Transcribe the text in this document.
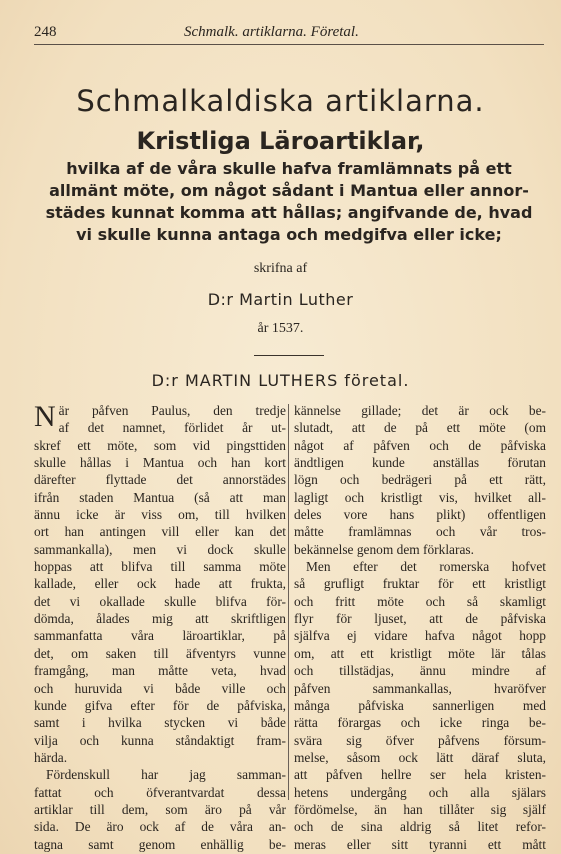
248	Schmalk. artiklarna. Företal.
Schmalkaldiska artiklarna.
Kristliga Läroartiklar,
hvilka af de våra skulle hafva framlämnats på ett
allmänt möte, om något sådant i Mantua eller annor-
städes kunnat komma att hållas; angifvande de, hvad
vi skulle kunna antaga och medgifva eller icke;
skrifna af
D:r Martin Luther
år 1537.
D:r MARTIN LUTHERS företal.
N är påfven Paulus, den tredje
af det namnet, förlidet år ut-
skref ett möte, som vid pingsttiden
skulle hållas i Mantua och han kort
därefter flyttade det annorstädes
ifrån staden Mantua (så att man
ännu icke är viss om, till hvilken
ort han antingen vill eller kan det
sammankalla), men vi dock skulle
hoppas att blifva till samma möte
kallade, eller ock hade att frukta,
det vi okallade skulle blifva för-
dömda, ålades mig att skriftligen
sammanfatta våra läroartiklar, på
det, om saken till äfventyrs vunne
framgång, man måtte veta, hvad
och huruvida vi både ville och
kunde gifva efter för de påfviska,
samt i hvilka stycken vi både
vilja och kunna ståndaktigt fram-
härda.
Fördenskull har jag samman-
fattat och öfverantvardat dessa
artiklar till dem, som äro på vår
sida. De äro ock af de våra an-
tagna samt genom enhällig be-
kännelse gillade; det är ock be-
slutadt, att de på ett möte (om
något af påfven och de påfviska
ändtligen kunde anställas förutan
lögn och bedrägeri på ett rätt,
lagligt och kristligt vis, hvilket all-
deles vore hans plikt) offentligen
måtte framlämnas och vår tros-
bekännelse genom dem förklaras.
Men efter det romerska hofvet
så grufligt fruktar för ett kristligt
och fritt möte och så skamligt
flyr för ljuset, att de påfviska
själfva ej vidare hafva något hopp
om, att ett kristligt möte lär tålas
och tillstädjas, ännu mindre af
påfven sammankallas, hvaröfver
många påfviska sannerligen med
rätta förargas och icke ringa be-
svära sig öfver påfvens försum-
melse, såsom ock lätt däraf sluta,
att påfven hellre ser hela kristen-
hetens undergång och alla själars
fördömelse, än han tillåter sig själf
och de sina aldrig så litet refor-
meras eller sitt tyranni ett mått
